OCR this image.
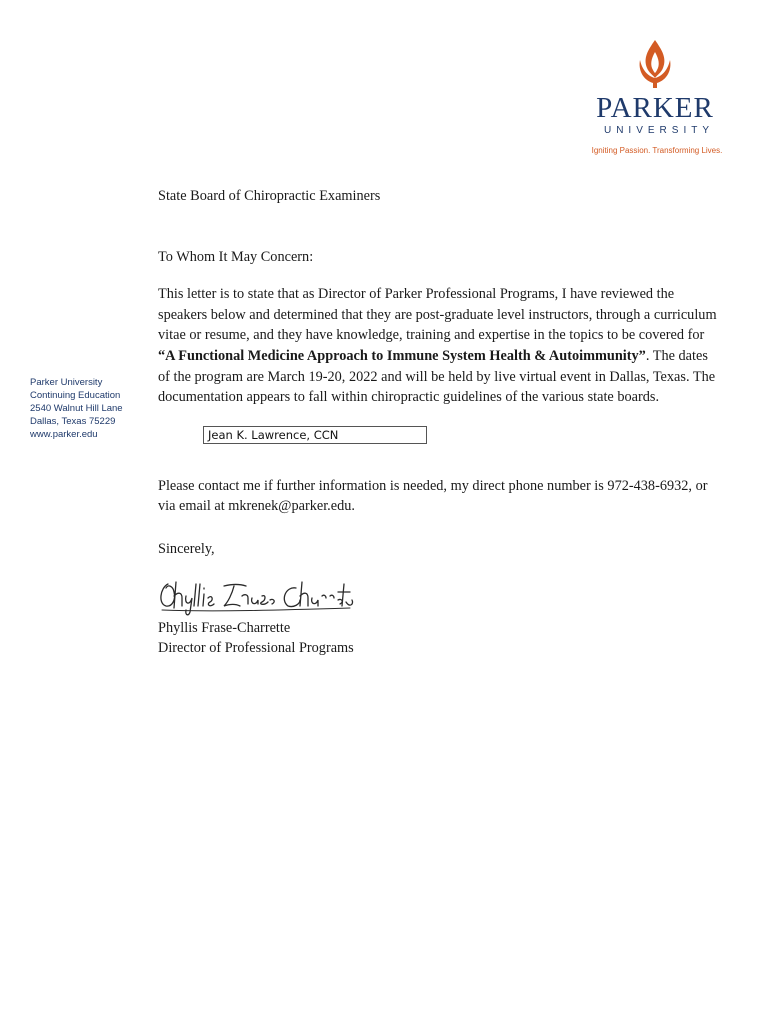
PARKER
UNIVERSITY
Igniting Passion. Transforming Lives.
Parker University
Continuing Education
2540 Walnut Hill Lane
Dallas, Texas 75229
www.parker.edu

State Board of Chiropractic Examiners

To Whom It May Concern:

This letter is to state that as Director of Parker Professional Programs, I have reviewed the speakers below and determined that they are post-graduate level instructors, through a curriculum vitae or resume, and they have knowledge, training and expertise in the topics to be covered for “A Functional Medicine Approach to Immune System Health & Autoimmunity”. The dates of the program are March 19-20, 2022 and will be held by live virtual event in Dallas, Texas. The documentation appears to fall within chiropractic guidelines of the various state boards.

Jean K. Lawrence, CCN

Please contact me if further information is needed, my direct phone number is 972-438-6932, or via email at mkrenek@parker.edu.

Sincerely,

Phyllis Frase-Charrette

Director of Professional Programs
